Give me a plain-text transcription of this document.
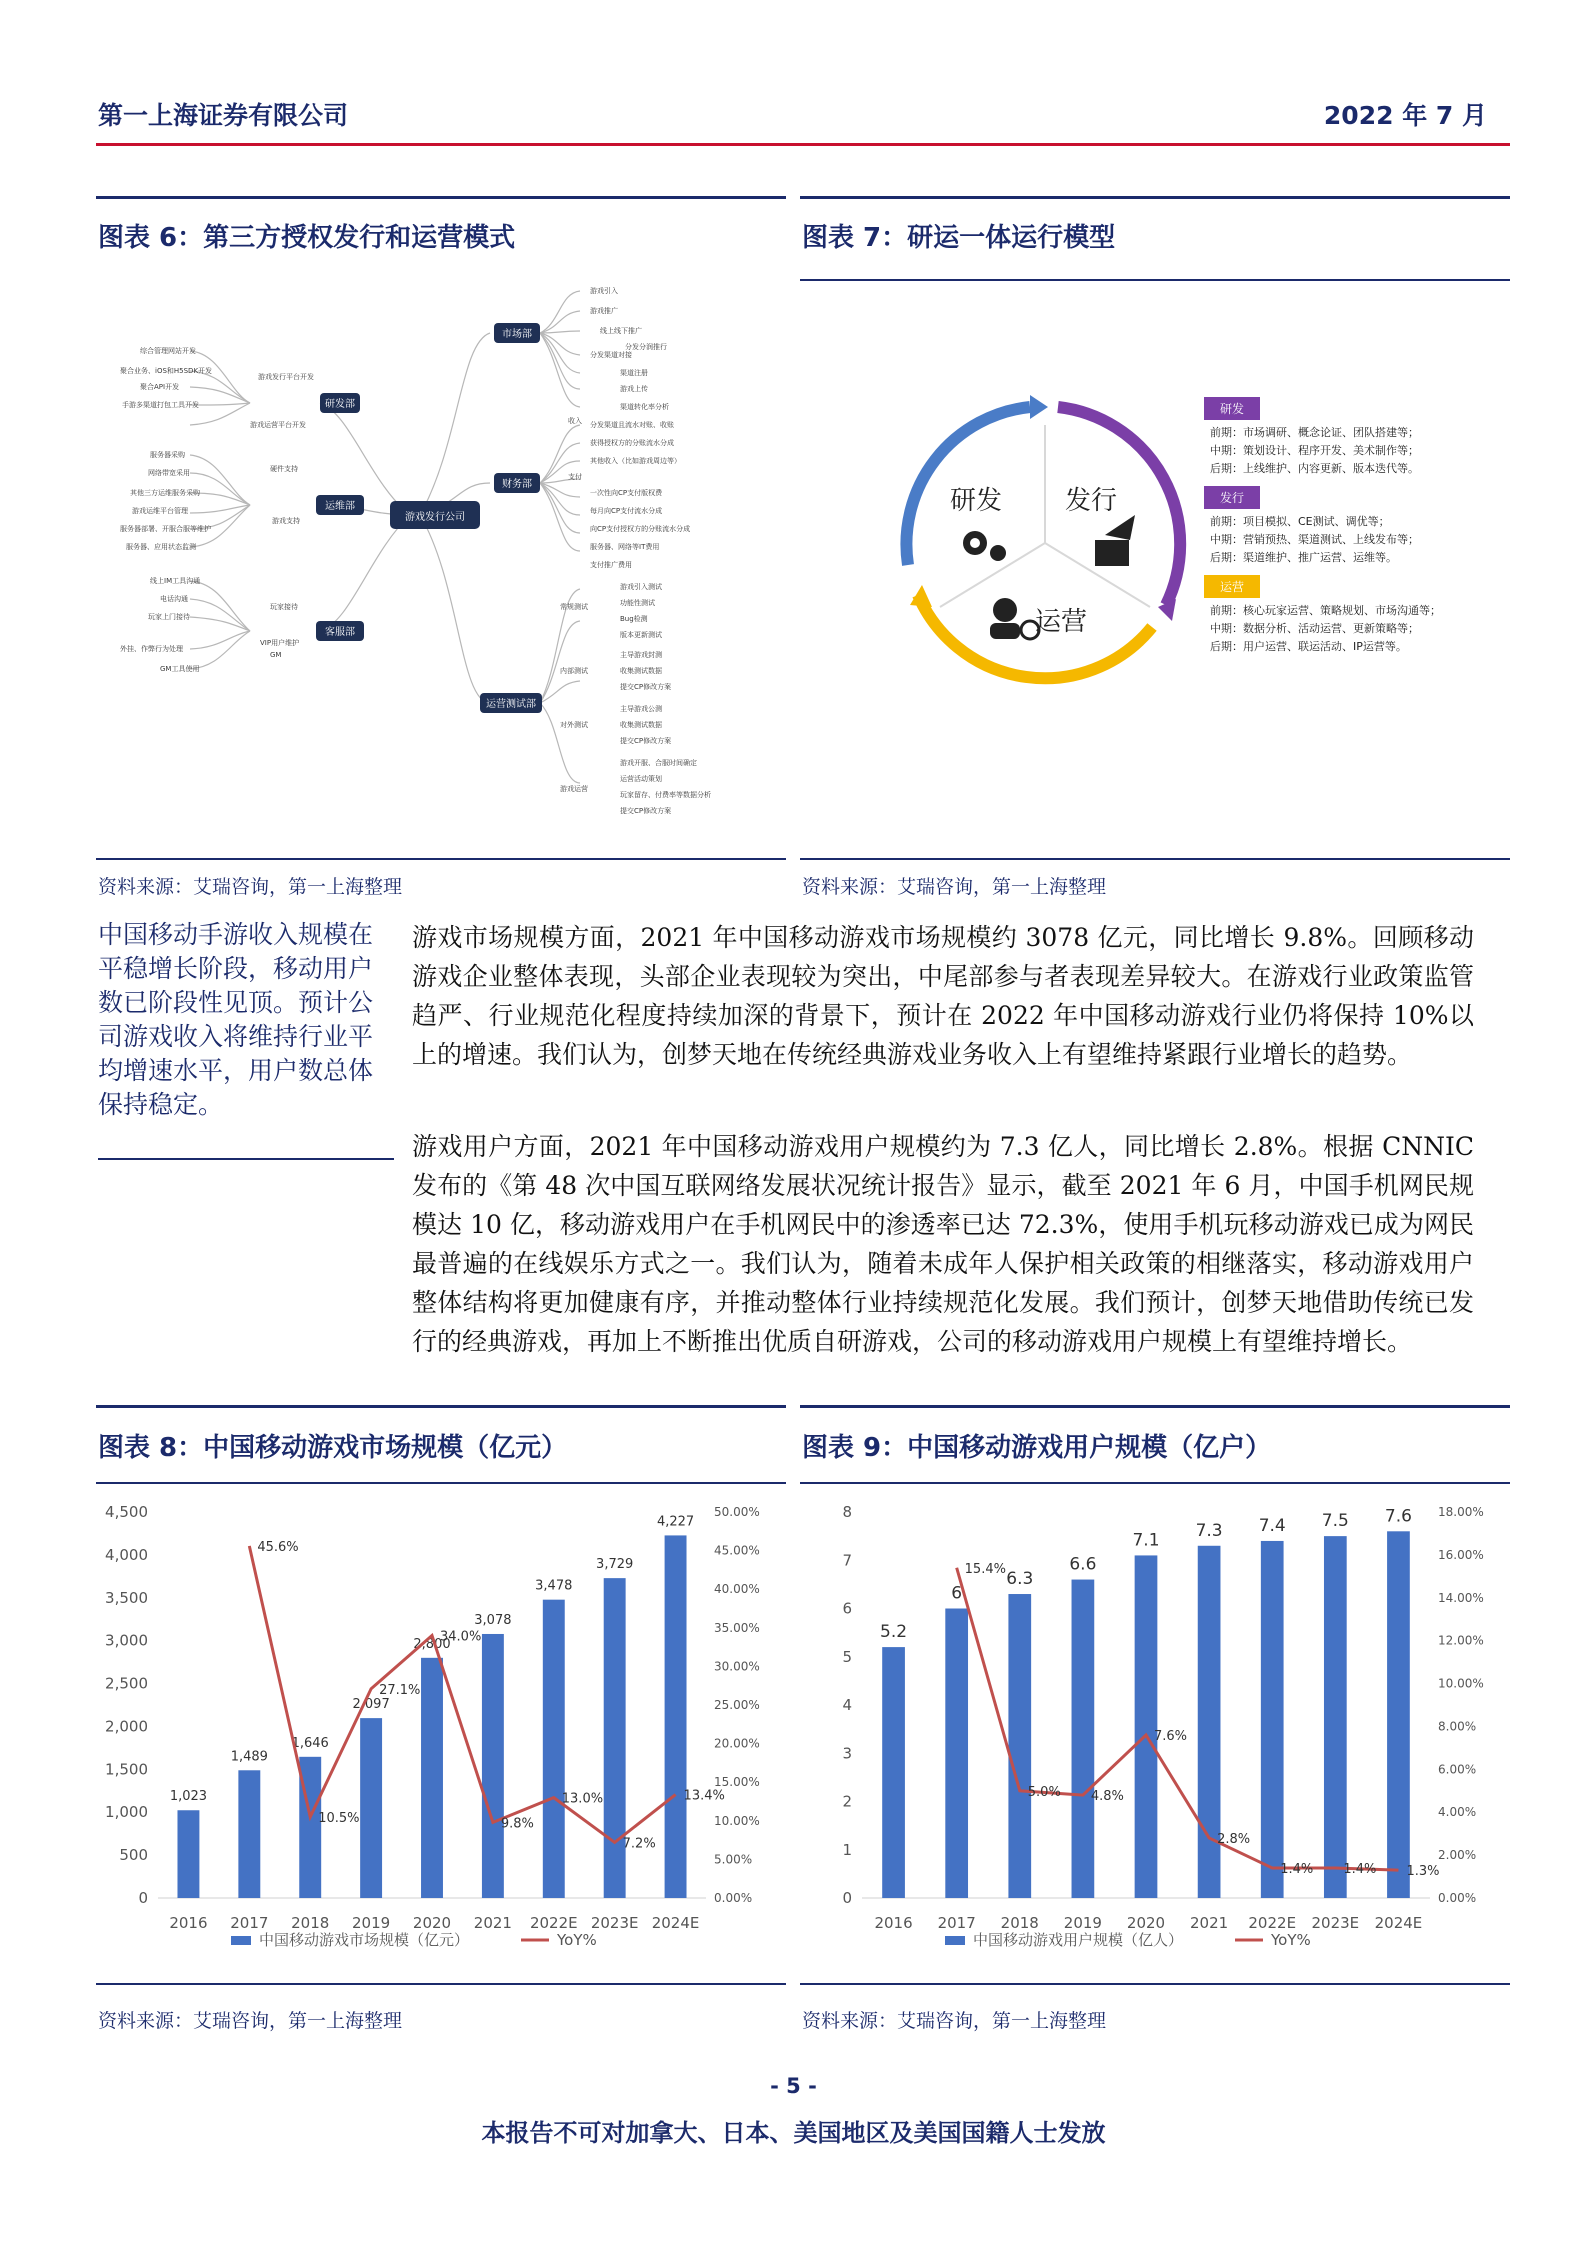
第一上海证券有限公司	2022 年 7 月
图表 6：第三方授权发行和运营模式	图表 7：研运一体运行模型
综合管理网站开发
聚合业务、iOS和H5SDK开发
聚合API开发
手游多渠道打包工具开发
游戏运营平台开发
游戏发行平台开发
服务器采购
网络带宽采用
其他三方运维服务采购
游戏运维平台管理
服务器部署、开服合服等维护
服务器、应用状态监测
硬件支持
游戏支持
线上IM工具沟通
电话沟通
玩家上门接待
玩家接待
VIP用户维护
外挂、作弊行为处理
GM工具使用
GM
游戏引入
游戏推广
线上线下推广
分发渠道对接
分发分润推行
渠道注册
游戏上传
渠道转化率分析
收入 分发渠道且流水对账、收账
获得授权方的分账流水分成
其他收入（比如游戏周边等）
支付
一次性向CP支付版权费
每月向CP支付流水分成
向CP支付授权方的分账流水分成
服务器、网络等IT费用
支付推广费用
常规测试
游戏引入测试
功能性测试
Bug检测
版本更新测试
内部测试
主导游戏封测
收集测试数据
提交CP修改方案
对外测试
主导游戏公测
收集测试数据
提交CP修改方案
游戏运营
游戏开服、合服时间确定
运营活动策划
玩家留存、付费率等数据分析
提交CP修改方案
游戏发行公司
研发部
运维部
客服部
市场部
财务部
运营测试部
研发 发行
运营
研发
前期：市场调研、概念论证、团队搭建等；
中期：策划设计、程序开发、美术制作等；
后期：上线维护、内容更新、版本迭代等。
发行
前期：项目模拟、CE测试、调优等；
中期：营销预热、渠道测试、上线发布等；
后期：渠道维护、推广运营、运维等。
运营
前期：核心玩家运营、策略规划、市场沟通等；
中期：数据分析、活动运营、更新策略等；
后期：用户运营、联运活动、IP运营等。
资料来源：艾瑞咨询，第一上海整理	资料来源：艾瑞咨询，第一上海整理
中国移动手游收入规模在平稳增长阶段，移动用户数已阶段性见顶。预计公司游戏收入将维持行业平均增速水平，用户数总体保持稳定。
游戏市场规模方面，2021 年中国移动游戏市场规模约 3078 亿元，同比增长 9.8%。回顾移动游戏企业整体表现，头部企业表现较为突出，中尾部参与者表现差异较大。在游戏行业政策监管趋严、行业规范化程度持续加深的背景下，预计在 2022 年中国移动游戏行业仍将保持 10%以上的增速。我们认为，创梦天地在传统经典游戏业务收入上有望维持紧跟行业增长的趋势。
游戏用户方面，2021 年中国移动游戏用户规模约为 7.3 亿人，同比增长 2.8%。根据 CNNIC 发布的《第 48 次中国互联网络发展状况统计报告》显示，截至 2021 年 6 月，中国手机网民规模达 10 亿，移动游戏用户在手机网民中的渗透率已达 72.3%，使用手机玩移动游戏已成为网民最普遍的在线娱乐方式之一。我们认为，随着未成年人保护相关政策的相继落实，移动游戏用户整体结构将更加健康有序，并推动整体行业持续规范化发展。我们预计，创梦天地借助传统已发行的经典游戏，再加上不断推出优质自研游戏，公司的移动游戏用户规模上有望维持增长。
图表 8：中国移动游戏市场规模（亿元）	图表 9：中国移动游戏用户规模（亿户）
0
500
1,000
1,500
2,000
2,500
3,000
3,500
4,000
4,500
0.00%
5.00%
10.00%
15.00%
20.00%
25.00%
30.00%
35.00%
40.00%
45.00%
50.00%
1,023
2016
1,489
2017
1,646
2018
2,097
2019
2,800
2020
3,078
2021
3,478
2022E
3,729
2023E
4,227
2024E
45.6%
10.5%
27.1%
34.0%
9.8%
13.0%
7.2%
13.4%
中国移动游戏市场规模（亿元）	YoY%
0
1
2
3
4
5
6
7
8
0.00%
2.00%
4.00%
6.00%
8.00%
10.00%
12.00%
14.00%
16.00%
18.00%
5.2
2016
6
2017
6.3
2018
6.6
2019
7.1
2020
7.3
2021
7.4
2022E
7.5
2023E
7.6
2024E
15.4%
5.0% 4.8%
7.6%
2.8%
1.4% 1.4% 1.3%
中国移动游戏用户规模（亿人）	YoY%
资料来源：艾瑞咨询，第一上海整理	资料来源：艾瑞咨询，第一上海整理
- 5 -
本报告不可对加拿大、日本、美国地区及美国国籍人士发放
